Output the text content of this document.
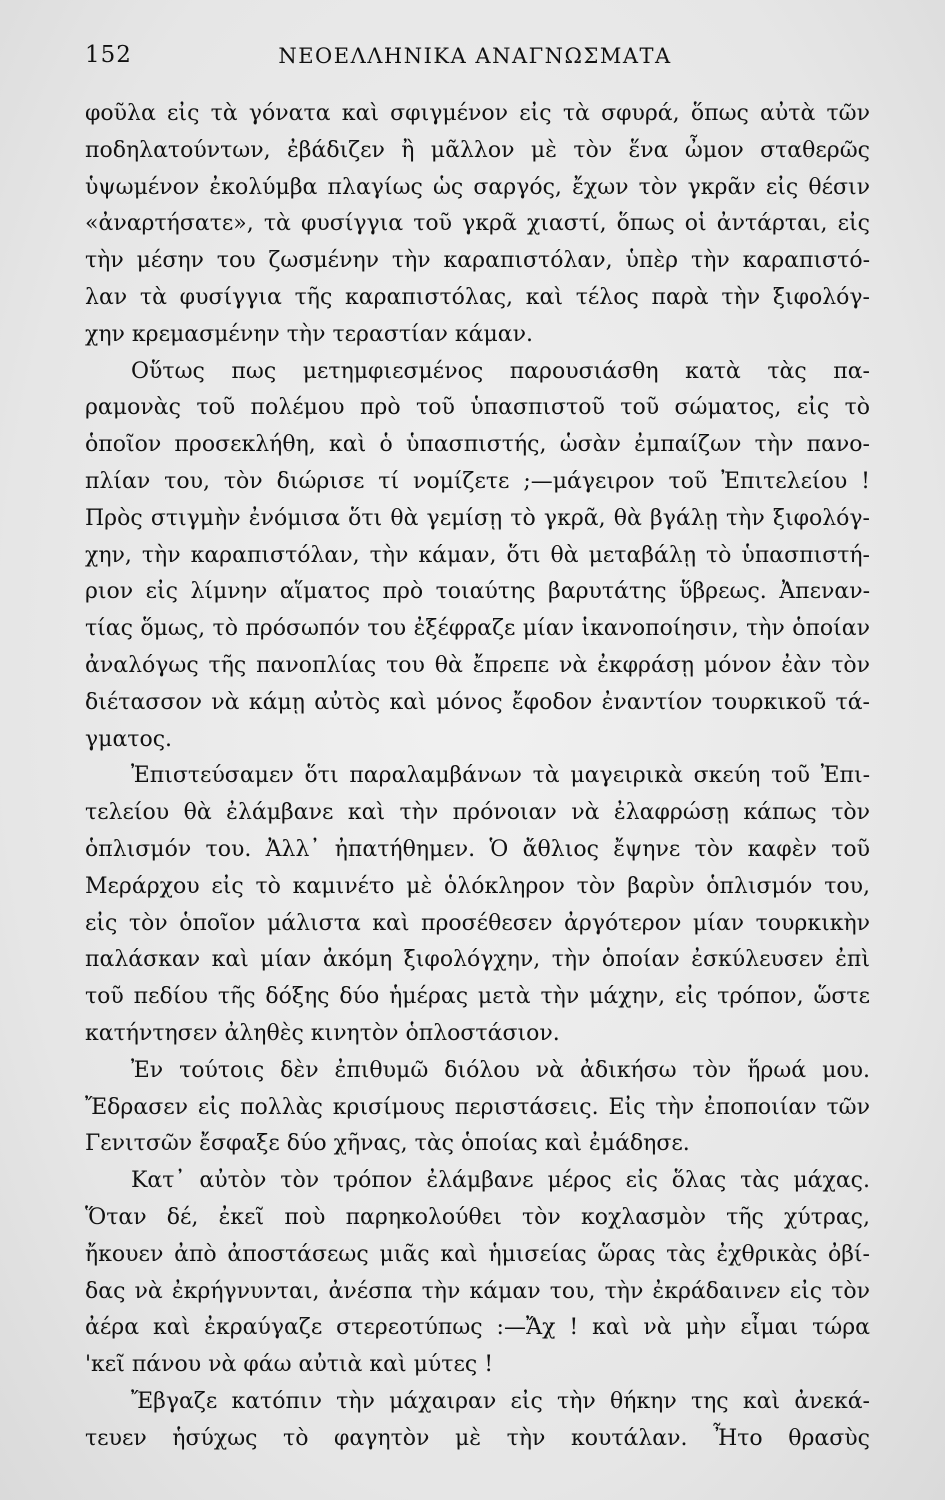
152	ΝΕΟΕΛΛΗΝΙΚΑ ΑΝΑΓΝΩΣΜΑΤΑ
φοῦλα εἰς τὰ γόνατα καὶ σφιγμένον εἰς τὰ σφυρά, ὅπως αὐτὰ τῶν
ποδηλατούντων, ἐβάδιζεν ἢ μᾶλλον μὲ τὸν ἕνα ὦμον σταθερῶς
ὑψωμένον ἐκολύμβα πλαγίως ὡς σαργός, ἔχων τὸν γκρᾶν εἰς θέσιν
«ἀναρτήσατε», τὰ φυσίγγια τοῦ γκρᾶ χιαστί, ὅπως οἱ ἀντάρται, εἰς
τὴν μέσην του ζωσμένην τὴν καραπιστόλαν, ὑπὲρ τὴν καραπιστό-
λαν τὰ φυσίγγια τῆς καραπιστόλας, καὶ τέλος παρὰ τὴν ξιφολόγ-
χην κρεμασμένην τὴν τεραστίαν κάμαν.
Οὕτως πως μετημφιεσμένος παρουσιάσθη κατὰ τὰς πα-
ραμονὰς τοῦ πολέμου πρὸ τοῦ ὑπασπιστοῦ τοῦ σώματος, εἰς τὸ
ὁποῖον προσεκλήθη, καὶ ὁ ὑπασπιστής, ὡσὰν ἐμπαίζων τὴν πανο-
πλίαν του, τὸν διώρισε τί νομίζετε ;—μάγειρον τοῦ Ἐπιτελείου !
Πρὸς στιγμὴν ἐνόμισα ὅτι θὰ γεμίσῃ τὸ γκρᾶ, θὰ βγάλῃ τὴν ξιφολόγ-
χην, τὴν καραπιστόλαν, τὴν κάμαν, ὅτι θὰ μεταβάλῃ τὸ ὑπασπιστή-
ριον εἰς λίμνην αἵματος πρὸ τοιαύτης βαρυτάτης ὕβρεως. Ἀπεναν-
τίας ὅμως, τὸ πρόσωπόν του ἐξέφραζε μίαν ἱκανοποίησιν, τὴν ὁποίαν
ἀναλόγως τῆς πανοπλίας του θὰ ἔπρεπε νὰ ἐκφράσῃ μόνον ἐὰν τὸν
διέτασσον νὰ κάμῃ αὐτὸς καὶ μόνος ἔφοδον ἐναντίον τουρκικοῦ τά-
γματος.
Ἐπιστεύσαμεν ὅτι παραλαμβάνων τὰ μαγειρικὰ σκεύη τοῦ Ἐπι-
τελείου θὰ ἐλάμβανε καὶ τὴν πρόνοιαν νὰ ἐλαφρώσῃ κάπως τὸν
ὁπλισμόν του. Ἀλλ᾽ ἠπατήθημεν. Ὁ ἄθλιος ἔψηνε τὸν καφὲν τοῦ
Μεράρχου εἰς τὸ καμινέτο μὲ ὁλόκληρον τὸν βαρὺν ὁπλισμόν του,
εἰς τὸν ὁποῖον μάλιστα καὶ προσέθεσεν ἀργότερον μίαν τουρκικὴν
παλάσκαν καὶ μίαν ἀκόμη ξιφολόγχην, τὴν ὁποίαν ἐσκύλευσεν ἐπὶ
τοῦ πεδίου τῆς δόξης δύο ἡμέρας μετὰ τὴν μάχην, εἰς τρόπον, ὥστε
κατήντησεν ἀληθὲς κινητὸν ὁπλοστάσιον.
Ἐν τούτοις δὲν ἐπιθυμῶ διόλου νὰ ἀδικήσω τὸν ἥρωά μου.
Ἔδρασεν εἰς πολλὰς κρισίμους περιστάσεις. Εἰς τὴν ἐποποιίαν τῶν
Γενιτσῶν ἔσφαξε δύο χῆνας, τὰς ὁποίας καὶ ἐμάδησε.
Κατ᾽ αὐτὸν τὸν τρόπον ἐλάμβανε μέρος εἰς ὅλας τὰς μάχας.
Ὅταν δέ, ἐκεῖ ποὺ παρηκολούθει τὸν κοχλασμὸν τῆς χύτρας,
ἤκουεν ἀπὸ ἀποστάσεως μιᾶς καὶ ἡμισείας ὥρας τὰς ἐχθρικὰς ὀβί-
δας νὰ ἐκρήγνυνται, ἀνέσπα τὴν κάμαν του, τὴν ἐκράδαινεν εἰς τὸν
ἀέρα καὶ ἐκραύγαζε στερεοτύπως :—Ἄχ ! καὶ νὰ μὴν εἶμαι τώρα
'κεῖ πάνου νὰ φάω αὐτιὰ καὶ μύτες !
Ἔβγαζε κατόπιν τὴν μάχαιραν εἰς τὴν θήκην της καὶ ἀνεκά-
τευεν ἡσύχως τὸ φαγητὸν μὲ τὴν κουτάλαν. Ἦτο θρασὺς
